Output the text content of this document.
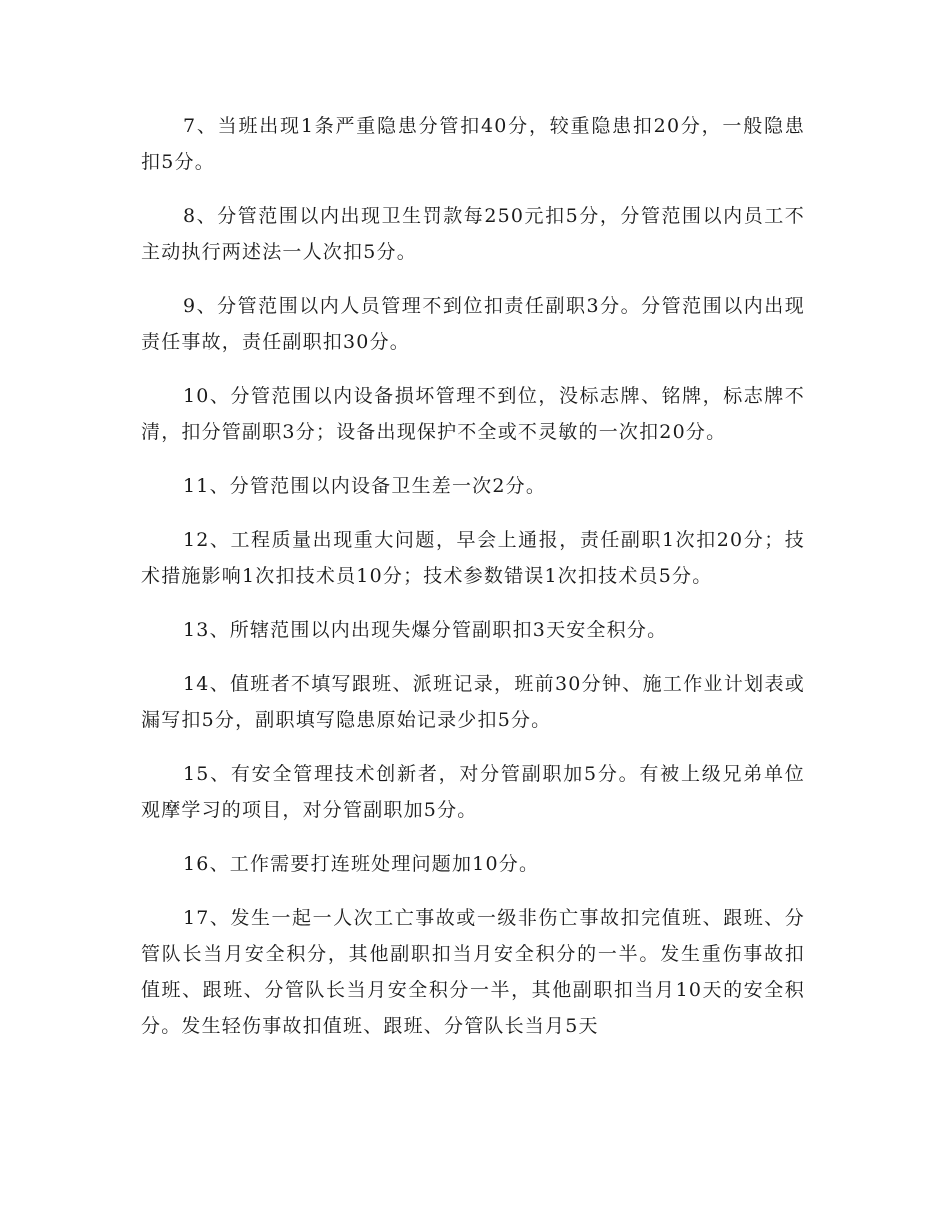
7、当班出现1条严重隐患分管扣40分，较重隐患扣20分，一般隐患扣5分。

8、分管范围以内出现卫生罚款每250元扣5分，分管范围以内员工不主动执行两述法一人次扣5分。

9、分管范围以内人员管理不到位扣责任副职3分。分管范围以内出现责任事故，责任副职扣30分。

10、分管范围以内设备损坏管理不到位，没标志牌、铭牌，标志牌不清，扣分管副职3分；设备出现保护不全或不灵敏的一次扣20分。

11、分管范围以内设备卫生差一次2分。

12、工程质量出现重大问题，早会上通报，责任副职1次扣20分；技术措施影响1次扣技术员10分；技术参数错误1次扣技术员5分。

13、所辖范围以内出现失爆分管副职扣3天安全积分。

14、值班者不填写跟班、派班记录，班前30分钟、施工作业计划表或漏写扣5分，副职填写隐患原始记录少扣5分。

15、有安全管理技术创新者，对分管副职加5分。有被上级兄弟单位观摩学习的项目，对分管副职加5分。

16、工作需要打连班处理问题加10分。

17、发生一起一人次工亡事故或一级非伤亡事故扣完值班、跟班、分管队长当月安全积分，其他副职扣当月安全积分的一半。发生重伤事故扣值班、跟班、分管队长当月安全积分一半，其他副职扣当月10天的安全积分。发生轻伤事故扣值班、跟班、分管队长当月5天
